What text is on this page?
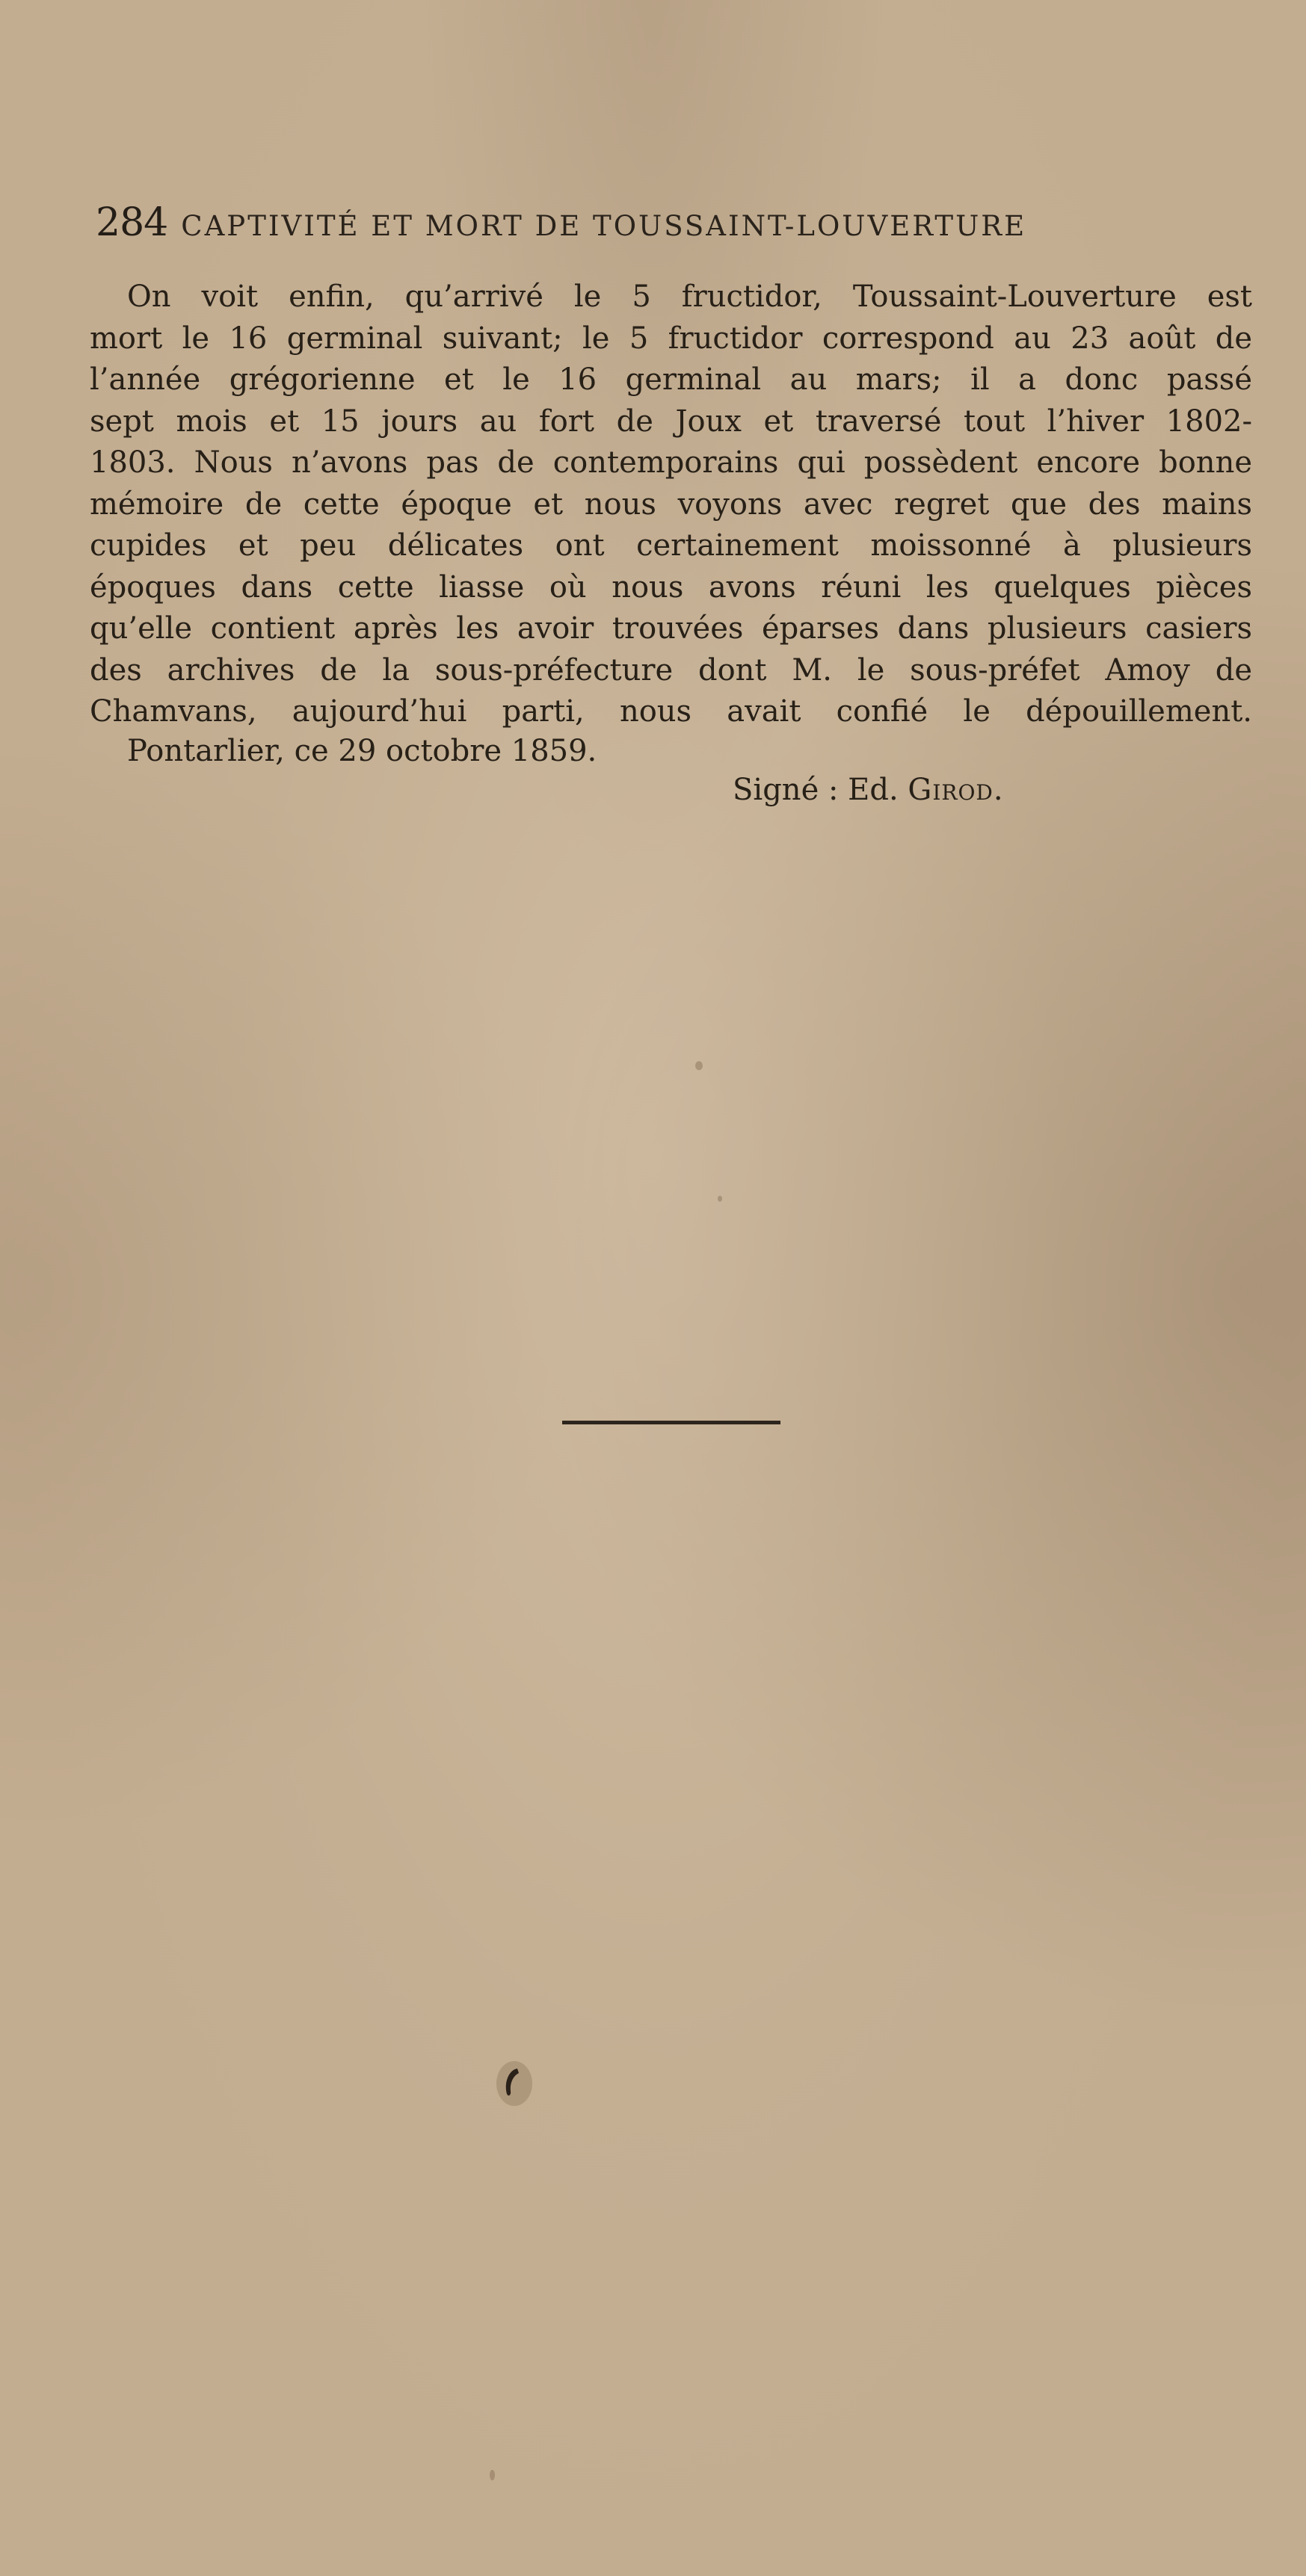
284 CAPTIVITÉ ET MORT DE TOUSSAINT-LOUVERTURE
On voit enfin, qu’arrivé le 5 fructidor, Toussaint-Louverture est
mort le 16 germinal suivant; le 5 fructidor correspond au 23 août de
l’année grégorienne et le 16 germinal au mars; il a donc passé
sept mois et 15 jours au fort de Joux et traversé tout l’hiver 1802-
1803. Nous n’avons pas de contemporains qui possèdent encore bonne
mémoire de cette époque et nous voyons avec regret que des mains
cupides et peu délicates ont certainement moissonné à plusieurs
époques dans cette liasse où nous avons réuni les quelques pièces
qu’elle contient après les avoir trouvées éparses dans plusieurs casiers
des archives de la sous-préfecture dont M. le sous-préfet Amoy de
Chamvans, aujourd’hui parti, nous avait confié le dépouillement.
Pontarlier, ce 29 octobre 1859.
Signé : Ed. Girod.
